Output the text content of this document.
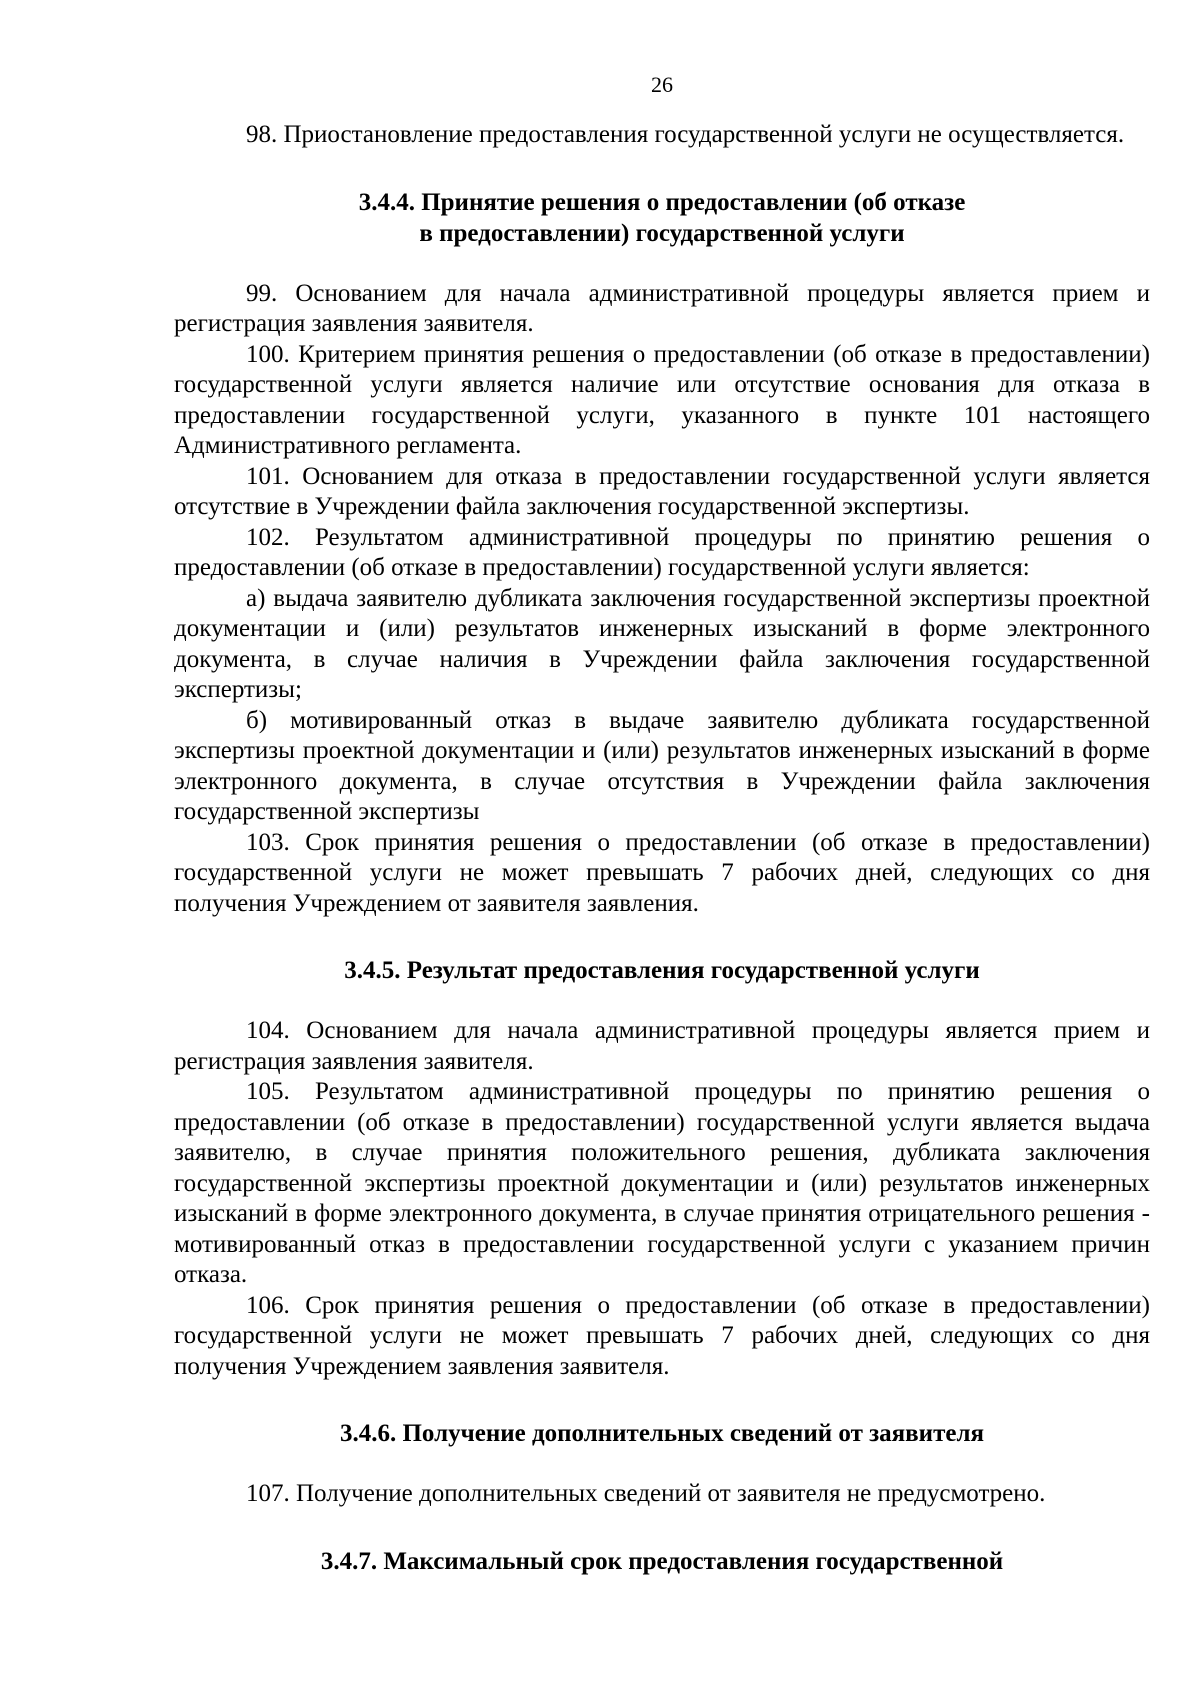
26

98. Приостановление предоставления государственной услуги не осуществляется.

3.4.4. Принятие решения о предоставлении (об отказе
в предоставлении) государственной услуги

99. Основанием для начала административной процедуры является прием и регистрация заявления заявителя.

100. Критерием принятия решения о предоставлении (об отказе в предоставлении) государственной услуги является наличие или отсутствие основания для отказа в предоставлении государственной услуги, указанного в пункте 101 настоящего Административного регламента.

101. Основанием для отказа в предоставлении государственной услуги является отсутствие в Учреждении файла заключения государственной экспертизы.

102. Результатом административной процедуры по принятию решения о предоставлении (об отказе в предоставлении) государственной услуги является:

а) выдача заявителю дубликата заключения государственной экспертизы проектной документации и (или) результатов инженерных изысканий в форме электронного документа, в случае наличия в Учреждении файла заключения государственной экспертизы;

б) мотивированный отказ в выдаче заявителю дубликата государственной экспертизы проектной документации и (или) результатов инженерных изысканий в форме электронного документа, в случае отсутствия в Учреждении файла заключения государственной экспертизы

103. Срок принятия решения о предоставлении (об отказе в предоставлении) государственной услуги не может превышать 7 рабочих дней, следующих со дня получения Учреждением от заявителя заявления.

3.4.5. Результат предоставления государственной услуги

104. Основанием для начала административной процедуры является прием и регистрация заявления заявителя.

105. Результатом административной процедуры по принятию решения о предоставлении (об отказе в предоставлении) государственной услуги является выдача заявителю, в случае принятия положительного решения, дубликата заключения государственной экспертизы проектной документации и (или) результатов инженерных изысканий в форме электронного документа, в случае принятия отрицательного решения - мотивированный отказ в предоставлении государственной услуги с указанием причин отказа.

106. Срок принятия решения о предоставлении (об отказе в предоставлении) государственной услуги не может превышать 7 рабочих дней, следующих со дня получения Учреждением заявления заявителя.

3.4.6. Получение дополнительных сведений от заявителя

107. Получение дополнительных сведений от заявителя не предусмотрено.

3.4.7. Максимальный срок предоставления государственной
